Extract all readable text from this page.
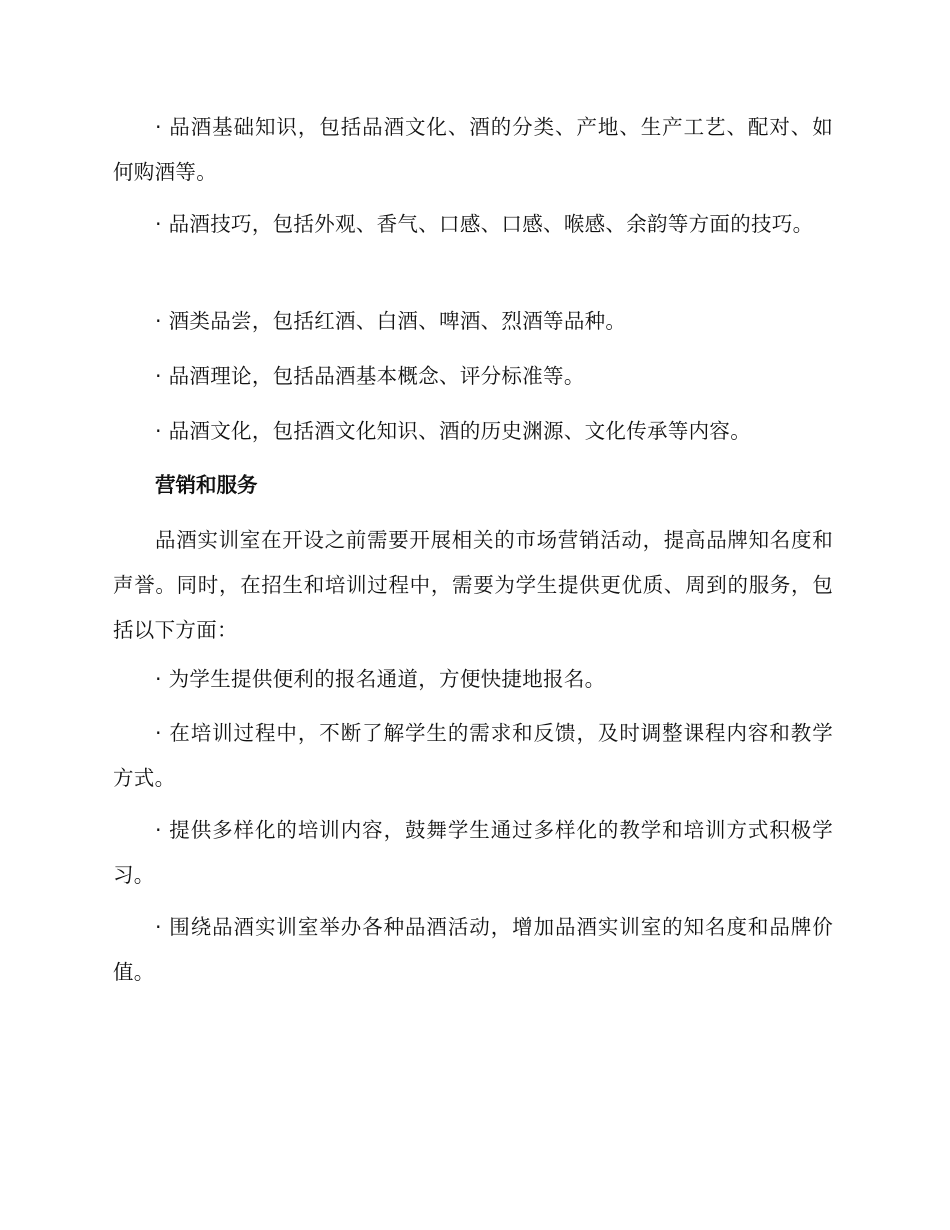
· 品酒基础知识，包括品酒文化、酒的分类、产地、生产工艺、配对、如何购酒等。

· 品酒技巧，包括外观、香气、口感、口感、喉感、余韵等方面的技巧。

· 酒类品尝，包括红酒、白酒、啤酒、烈酒等品种。

· 品酒理论，包括品酒基本概念、评分标准等。

· 品酒文化，包括酒文化知识、酒的历史渊源、文化传承等内容。

营销和服务

品酒实训室在开设之前需要开展相关的市场营销活动，提高品牌知名度和声誉。同时，在招生和培训过程中，需要为学生提供更优质、周到的服务，包括以下方面：

· 为学生提供便利的报名通道，方便快捷地报名。

· 在培训过程中，不断了解学生的需求和反馈，及时调整课程内容和教学方式。

· 提供多样化的培训内容，鼓舞学生通过多样化的教学和培训方式积极学习。

· 围绕品酒实训室举办各种品酒活动，增加品酒实训室的知名度和品牌价值。
